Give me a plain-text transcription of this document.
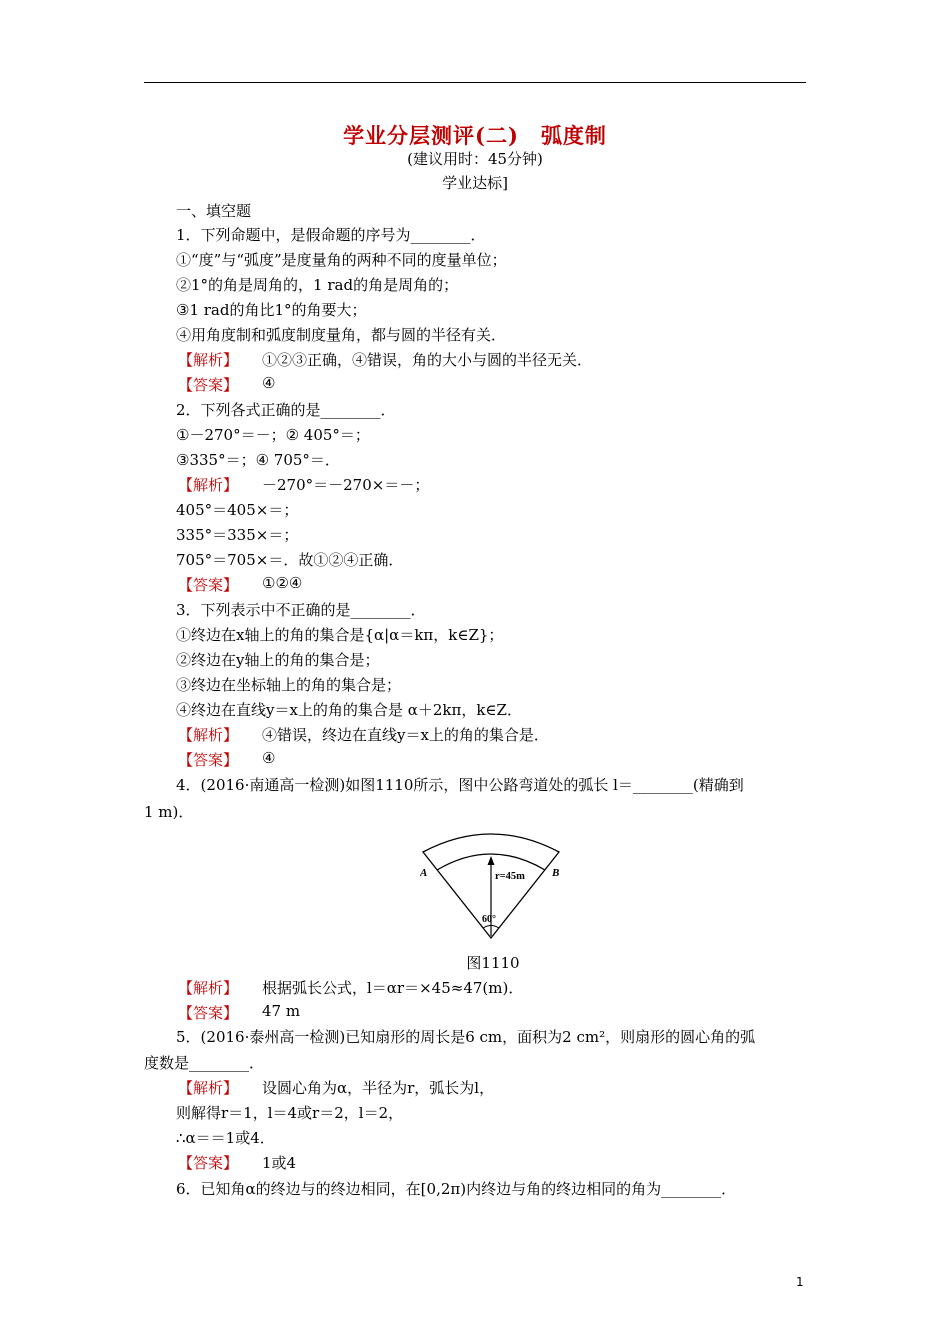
学业分层测评(二) 弧度制
(建议用时：45分钟)
学业达标]
一、填空题
1．下列命题中，是假命题的序号为________．
①“度”与“弧度”是度量角的两种不同的度量单位；
②1°的角是周角的，1 rad的角是周角的；
③1 rad的角比1°的角要大；
④用角度制和弧度制度量角，都与圆的半径有关．
【解析】 ①②③正确，④错误，角的大小与圆的半径无关．
【答案】 ④
2．下列各式正确的是________．
①－270°＝－；② 405°＝；
③335°＝；④ 705°＝．
【解析】 －270°＝－270×＝－；
405°＝405×＝；
335°＝335×＝；
705°＝705×＝．故①②④正确．
【答案】 ①②④
3．下列表示中不正确的是________．
①终边在x轴上的角的集合是{α|α＝kπ，k∈Z}；
②终边在y轴上的角的集合是；
③终边在坐标轴上的角的集合是；
④终边在直线y＝x上的角的集合是 α＋2kπ，k∈Z．
【解析】 ④错误，终边在直线y＝x上的角的集合是．
【答案】 ④
4．(2016·南通高一检测)如图1110所示，图中公路弯道处的弧长 l＝________(精确到
1 m)．
A	B
r=45m
60°
图1110
【解析】 根据弧长公式，l＝αr＝×45≈47(m)．
【答案】 47 m
5．(2016·泰州高一检测)已知扇形的周长是6 cm，面积为2 cm²，则扇形的圆心角的弧
度数是________．
【解析】 设圆心角为α，半径为r，弧长为l，
则解得r＝1，l＝4或r＝2，l＝2，
∴α＝＝1或4．
【答案】 1或4
6．已知角α的终边与的终边相同，在[0,2π)内终边与角的终边相同的角为________．
1
